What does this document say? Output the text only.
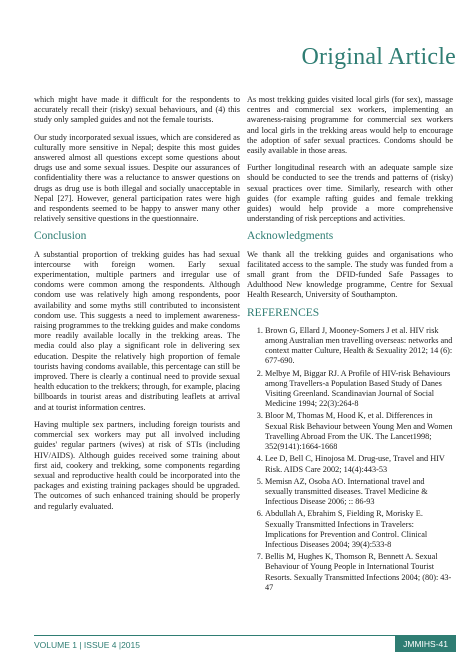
Original Article

which might have made it difficult for the respondents to accurately recall their (risky) sexual behaviours, and (4) this study only sampled guides and not the female tourists.

Our study incorporated sexual issues, which are considered as culturally more sensitive in Nepal; despite this most guides answered almost all questions except some questions about drugs use and some sexual issues. Despite our assurances of confidentiality there was a reluctance to answer questions on drugs as drug use is both illegal and socially unacceptable in Nepal [27]. However, general participation rates were high and respondents seemed to be happy to answer many other relatively sensitive questions in the questionnaire.

Conclusion

A substantial proportion of trekking guides has had sexual intercourse with foreign women. Early sexual experimentation, multiple partners and irregular use of condoms were common among the respondents. Although condom use was relatively high among respondents, poor availability and some myths still contributed to inconsistent condom use. This suggests a need to implement awareness-raising programmes to the trekking guides and make condoms more readily available locally in the trekking areas. The media could also play a significant role in delivering sex education. Despite the relatively high proportion of female tourists having condoms available, this percentage can still be improved. There is clearly a continual need to provide sexual health education to the trekkers; through, for example, placing billboards in tourist areas and distributing leaflets at arrival and at tourist information centres.

Having multiple sex partners, including foreign tourists and commercial sex workers may put all involved including guides' regular partners (wives) at risk of STIs (including HIV/AIDS). Although guides received some training about first aid, cookery and trekking, some components regarding sexual and reproductive health could be incorporated into the packages and existing training packages should be upgraded. The outcomes of such enhanced training should be properly and regularly evaluated.

As most trekking guides visited local girls (for sex), massage centres and commercial sex workers, implementing an awareness-raising programme for commercial sex workers and local girls in the trekking areas would help to encourage the adoption of safer sexual practices. Condoms should be easily available in those areas.

Further longitudinal research with an adequate sample size should be conducted to see the trends and patterns of (risky) sexual practices over time. Similarly, research with other guides (for example rafting guides and female trekking guides) would help provide a more comprehensive understanding of risk perceptions and activities.

Acknowledgments

We thank all the trekking guides and organisations who facilitated access to the sample. The study was funded from a small grant from the DFID-funded Safe Passages to Adulthood New knowledge programme, Centre for Sexual Health Research, University of Southampton.

REFERENCES
1. Brown G, Ellard J, Mooney-Somers J et al. HIV risk among Australian men travelling overseas: networks and context matter Culture, Health & Sexuality 2012; 14 (6): 677-690.
2. Melbye M, Biggar RJ. A Profile of HIV-risk Behaviours among Travellers-a Population Based Study of Danes Visiting Greenland. Scandinavian Journal of Social Medicine 1994; 22(3):264-8
3. Bloor M, Thomas M, Hood K, et al. Differences in Sexual Risk Behaviour between Young Men and Women Travelling Abroad From the UK. The Lancet1998; 352(9141):1664-1668
4. Lee D, Bell C, Hinojosa M. Drug-use, Travel and HIV Risk. AIDS Care 2002; 14(4):443-53
5. Memisn AZ, Osoba AO. International travel and sexually transmitted diseases. Travel Medicine & Infectious Disease 2006; :: 86-93
6. Abdullah A, Ebrahim S, Fielding R, Morisky E. Sexually Transmitted Infections in Travelers: Implications for Prevention and Control. Clinical Infectious Diseases 2004; 39(4):533-8
7. Bellis M, Hughes K, Thomson R, Bennett A. Sexual Behaviour of Young People in International Tourist Resorts. Sexually Transmitted Infections 2004; (80): 43-47
VOLUME 1 | ISSUE 4 |2015	JMMIHS-41
